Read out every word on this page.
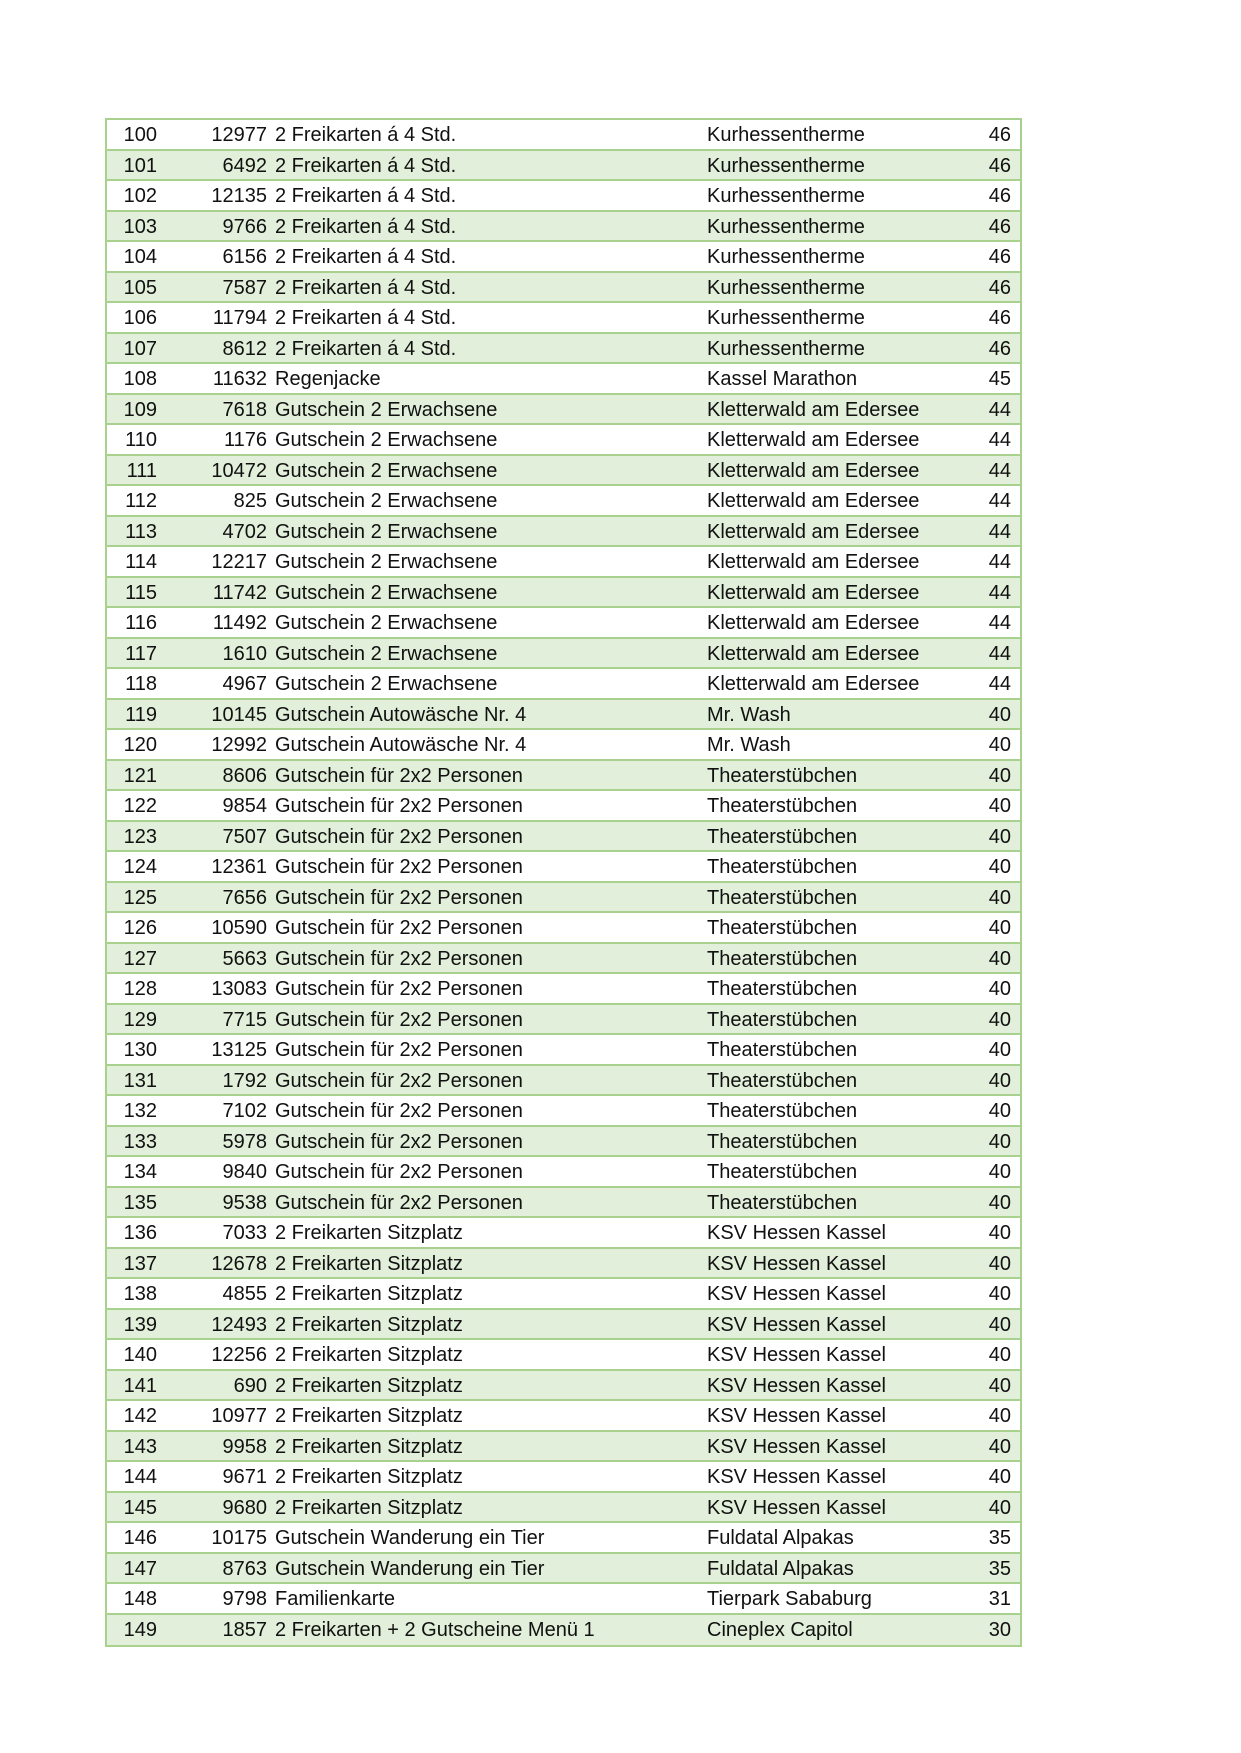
100	12977 2 Freikarten á 4 Std.	Kurhessentherme	46
101	6492 2 Freikarten á 4 Std.	Kurhessentherme	46
102	12135 2 Freikarten á 4 Std.	Kurhessentherme	46
103	9766 2 Freikarten á 4 Std.	Kurhessentherme	46
104	6156 2 Freikarten á 4 Std.	Kurhessentherme	46
105	7587 2 Freikarten á 4 Std.	Kurhessentherme	46
106	11794 2 Freikarten á 4 Std.	Kurhessentherme	46
107	8612 2 Freikarten á 4 Std.	Kurhessentherme	46
108	11632 Regenjacke	Kassel Marathon	45
109	7618 Gutschein 2 Erwachsene	Kletterwald am Edersee	44
110	1176 Gutschein 2 Erwachsene	Kletterwald am Edersee	44
111	10472 Gutschein 2 Erwachsene	Kletterwald am Edersee	44
112	825 Gutschein 2 Erwachsene	Kletterwald am Edersee	44
113	4702 Gutschein 2 Erwachsene	Kletterwald am Edersee	44
114	12217 Gutschein 2 Erwachsene	Kletterwald am Edersee	44
115	11742 Gutschein 2 Erwachsene	Kletterwald am Edersee	44
116	11492 Gutschein 2 Erwachsene	Kletterwald am Edersee	44
117	1610 Gutschein 2 Erwachsene	Kletterwald am Edersee	44
118	4967 Gutschein 2 Erwachsene	Kletterwald am Edersee	44
119	10145 Gutschein Autowäsche Nr. 4	Mr. Wash	40
120	12992 Gutschein Autowäsche Nr. 4	Mr. Wash	40
121	8606 Gutschein für 2x2 Personen	Theaterstübchen	40
122	9854 Gutschein für 2x2 Personen	Theaterstübchen	40
123	7507 Gutschein für 2x2 Personen	Theaterstübchen	40
124	12361 Gutschein für 2x2 Personen	Theaterstübchen	40
125	7656 Gutschein für 2x2 Personen	Theaterstübchen	40
126	10590 Gutschein für 2x2 Personen	Theaterstübchen	40
127	5663 Gutschein für 2x2 Personen	Theaterstübchen	40
128	13083 Gutschein für 2x2 Personen	Theaterstübchen	40
129	7715 Gutschein für 2x2 Personen	Theaterstübchen	40
130	13125 Gutschein für 2x2 Personen	Theaterstübchen	40
131	1792 Gutschein für 2x2 Personen	Theaterstübchen	40
132	7102 Gutschein für 2x2 Personen	Theaterstübchen	40
133	5978 Gutschein für 2x2 Personen	Theaterstübchen	40
134	9840 Gutschein für 2x2 Personen	Theaterstübchen	40
135	9538 Gutschein für 2x2 Personen	Theaterstübchen	40
136	7033 2 Freikarten Sitzplatz	KSV Hessen Kassel	40
137	12678 2 Freikarten Sitzplatz	KSV Hessen Kassel	40
138	4855 2 Freikarten Sitzplatz	KSV Hessen Kassel	40
139	12493 2 Freikarten Sitzplatz	KSV Hessen Kassel	40
140	12256 2 Freikarten Sitzplatz	KSV Hessen Kassel	40
141	690 2 Freikarten Sitzplatz	KSV Hessen Kassel	40
142	10977 2 Freikarten Sitzplatz	KSV Hessen Kassel	40
143	9958 2 Freikarten Sitzplatz	KSV Hessen Kassel	40
144	9671 2 Freikarten Sitzplatz	KSV Hessen Kassel	40
145	9680 2 Freikarten Sitzplatz	KSV Hessen Kassel	40
146	10175 Gutschein Wanderung ein Tier	Fuldatal Alpakas	35
147	8763 Gutschein Wanderung ein Tier	Fuldatal Alpakas	35
148	9798 Familienkarte	Tierpark Sababurg	31
149	1857 2 Freikarten + 2 Gutscheine Menü 1	Cineplex Capitol	30
